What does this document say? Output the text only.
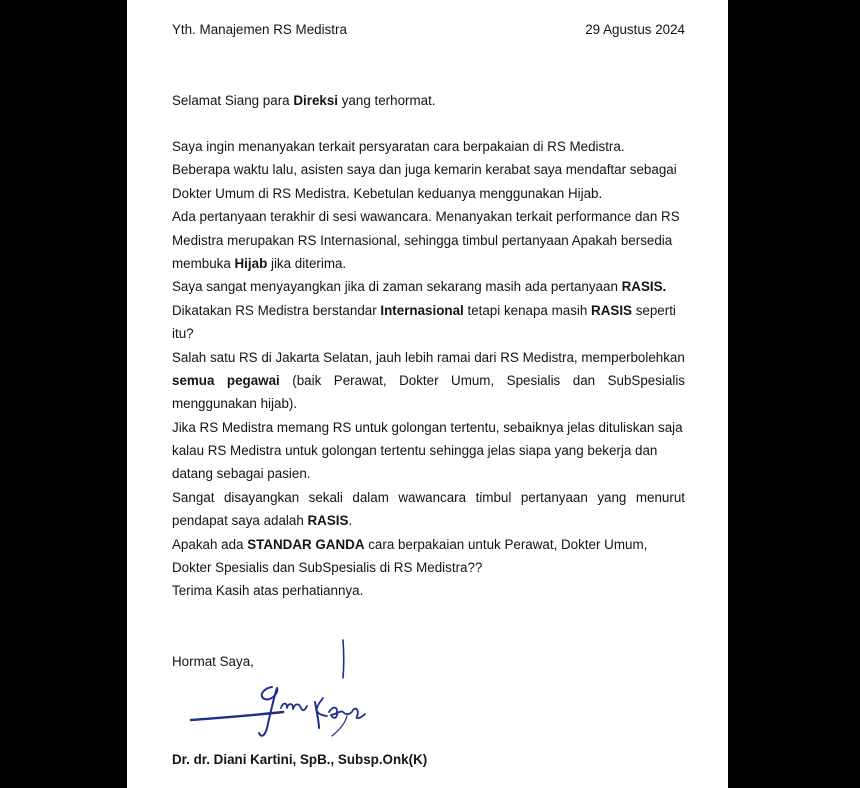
Yth. Manajemen RS Medistra	29 Agustus 2024
Selamat Siang para Direksi yang terhormat.
Saya ingin menanyakan terkait persyaratan cara berpakaian di RS Medistra.
Beberapa waktu lalu, asisten saya dan juga kemarin kerabat saya mendaftar sebagai
Dokter Umum di RS Medistra. Kebetulan keduanya menggunakan Hijab.
Ada pertanyaan terakhir di sesi wawancara. Menanyakan terkait performance dan RS
Medistra merupakan RS Internasional, sehingga timbul pertanyaan Apakah bersedia
membuka Hijab jika diterima.
Saya sangat menyayangkan jika di zaman sekarang masih ada pertanyaan RASIS.
Dikatakan RS Medistra berstandar Internasional tetapi kenapa masih RASIS seperti
itu?
Salah satu RS di Jakarta Selatan, jauh lebih ramai dari RS Medistra, memperbolehkan
semua pegawai (baik Perawat, Dokter Umum, Spesialis dan SubSpesialis
menggunakan hijab).
Jika RS Medistra memang RS untuk golongan tertentu, sebaiknya jelas dituliskan saja
kalau RS Medistra untuk golongan tertentu sehingga jelas siapa yang bekerja dan
datang sebagai pasien.
Sangat disayangkan sekali dalam wawancara timbul pertanyaan yang menurut
pendapat saya adalah RASIS.
Apakah ada STANDAR GANDA cara berpakaian untuk Perawat, Dokter Umum,
Dokter Spesialis dan SubSpesialis di RS Medistra??
Terima Kasih atas perhatiannya.
Hormat Saya,
Dr. dr. Diani Kartini, SpB., Subsp.Onk(K)
